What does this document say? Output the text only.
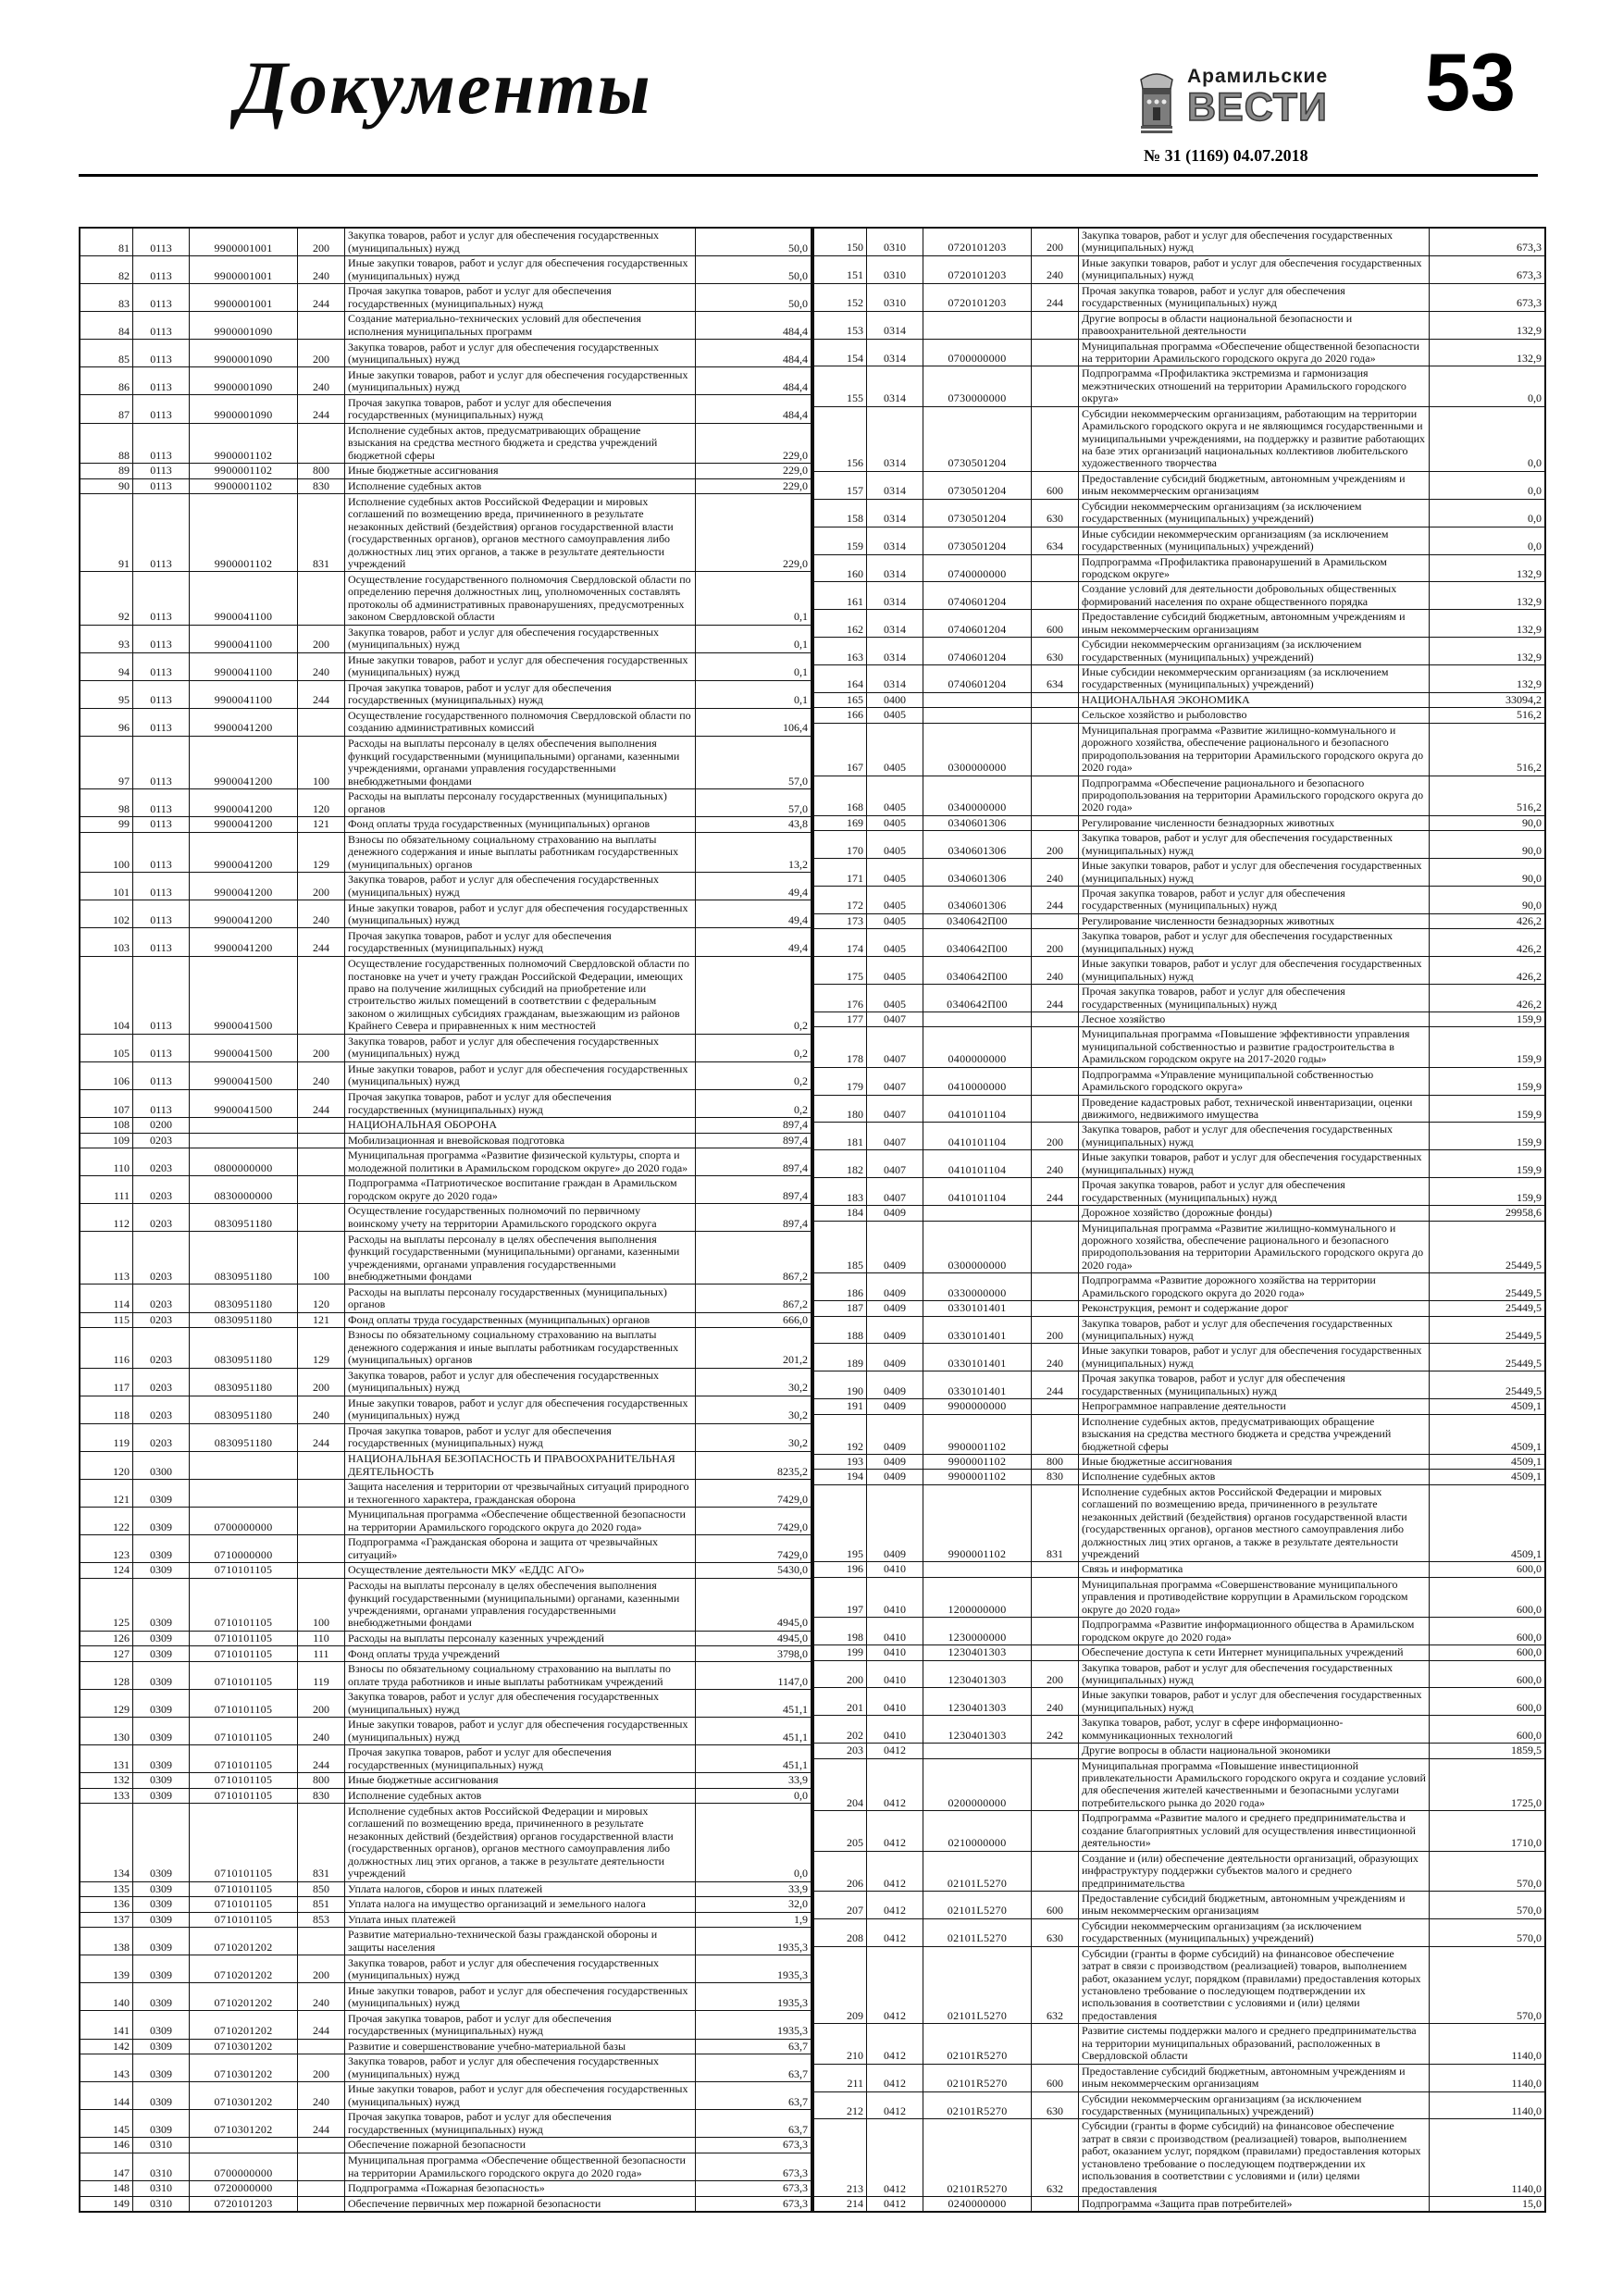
Документы	Арамильские
ВЕСТИ 53
№ 31 (1169) 04.07.2018
81	0113	9900001001	200	Закупка товаров, работ и услуг для обеспечения государственных (муниципальных) нужд	50,0
82	0113	9900001001	240	Иные закупки товаров, работ и услуг для обеспечения государственных (муниципальных) нужд	50,0
83	0113	9900001001	244	Прочая закупка товаров, работ и услуг для обеспечения государственных (муниципальных) нужд	50,0
84	0113	9900001090		Создание материально-технических условий для обеспечения исполнения муниципальных программ	484,4
85	0113	9900001090	200	Закупка товаров, работ и услуг для обеспечения государственных (муниципальных) нужд	484,4
86	0113	9900001090	240	Иные закупки товаров, работ и услуг для обеспечения государственных (муниципальных) нужд	484,4
87	0113	9900001090	244	Прочая закупка товаров, работ и услуг для обеспечения государственных (муниципальных) нужд	484,4
88	0113	9900001102		Исполнение судебных актов, предусматривающих обращение взыскания на средства местного бюджета и средства учреждений бюджетной сферы	229,0
89	0113	9900001102	800	Иные бюджетные ассигнования	229,0
90	0113	9900001102	830	Исполнение судебных актов	229,0
91	0113	9900001102	831	Исполнение судебных актов Российской Федерации и мировых соглашений по возмещению вреда, причиненного в результате незаконных действий (бездействия) органов государственной власти (государственных органов), органов местного самоуправления либо должностных лиц этих органов, а также в результате деятельности учреждений	229,0
92	0113	9900041100		Осуществление государственного полномочия Свердловской области по определению перечня должностных лиц, уполномоченных составлять протоколы об административных правонарушениях, предусмотренных законом Свердловской области	0,1
93	0113	9900041100	200	Закупка товаров, работ и услуг для обеспечения государственных (муниципальных) нужд	0,1
94	0113	9900041100	240	Иные закупки товаров, работ и услуг для обеспечения государственных (муниципальных) нужд	0,1
95	0113	9900041100	244	Прочая закупка товаров, работ и услуг для обеспечения государственных (муниципальных) нужд	0,1
96	0113	9900041200		Осуществление государственного полномочия Свердловской области по созданию административных комиссий	106,4
97	0113	9900041200	100	Расходы на выплаты персоналу в целях обеспечения выполнения функций государственными (муниципальными) органами, казенными учреждениями, органами управления государственными внебюджетными фондами	57,0
98	0113	9900041200	120	Расходы на выплаты персоналу государственных (муниципальных) органов	57,0
99	0113	9900041200	121	Фонд оплаты труда государственных (муниципальных) органов	43,8
100	0113	9900041200	129	Взносы по обязательному социальному страхованию на выплаты денежного содержания и иные выплаты работникам государственных (муниципальных) органов	13,2
101	0113	9900041200	200	Закупка товаров, работ и услуг для обеспечения государственных (муниципальных) нужд	49,4
102	0113	9900041200	240	Иные закупки товаров, работ и услуг для обеспечения государственных (муниципальных) нужд	49,4
103	0113	9900041200	244	Прочая закупка товаров, работ и услуг для обеспечения государственных (муниципальных) нужд	49,4
104	0113	9900041500		Осуществление государственных полномочий Свердловской области по постановке на учет и учету граждан Российской Федерации, имеющих право на получение жилищных субсидий на приобретение или строительство жилых помещений в соответствии с федеральным законом о жилищных субсидиях гражданам, выезжающим из районов Крайнего Севера и приравненных к ним местностей	0,2
105	0113	9900041500	200	Закупка товаров, работ и услуг для обеспечения государственных (муниципальных) нужд	0,2
106	0113	9900041500	240	Иные закупки товаров, работ и услуг для обеспечения государственных (муниципальных) нужд	0,2
107	0113	9900041500	244	Прочая закупка товаров, работ и услуг для обеспечения государственных (муниципальных) нужд	0,2
108	0200			НАЦИОНАЛЬНАЯ ОБОРОНА	897,4
109	0203			Мобилизационная и вневойсковая подготовка	897,4
110	0203	0800000000		Муниципальная программа «Развитие физической культуры, спорта и молодежной политики в Арамильском городском округе» до 2020 года»	897,4
111	0203	0830000000		Подпрограмма «Патриотическое воспитание граждан в Арамильском городском округе до 2020 года»	897,4
112	0203	0830951180		Осуществление государственных полномочий по первичному воинскому учету на территории Арамильского городского округа	897,4
113	0203	0830951180	100	Расходы на выплаты персоналу в целях обеспечения выполнения функций государственными (муниципальными) органами, казенными учреждениями, органами управления государственными внебюджетными фондами	867,2
114	0203	0830951180	120	Расходы на выплаты персоналу государственных (муниципальных) органов	867,2
115	0203	0830951180	121	Фонд оплаты труда государственных (муниципальных) органов	666,0
116	0203	0830951180	129	Взносы по обязательному социальному страхованию на выплаты денежного содержания и иные выплаты работникам государственных (муниципальных) органов	201,2
117	0203	0830951180	200	Закупка товаров, работ и услуг для обеспечения государственных (муниципальных) нужд	30,2
118	0203	0830951180	240	Иные закупки товаров, работ и услуг для обеспечения государственных (муниципальных) нужд	30,2
119	0203	0830951180	244	Прочая закупка товаров, работ и услуг для обеспечения государственных (муниципальных) нужд	30,2
120	0300			НАЦИОНАЛЬНАЯ БЕЗОПАСНОСТЬ И ПРАВООХРАНИТЕЛЬНАЯ ДЕЯТЕЛЬНОСТЬ	8235,2
121	0309			Защита населения и территории от чрезвычайных ситуаций природного и техногенного характера, гражданская оборона	7429,0
122	0309	0700000000		Муниципальная программа «Обеспечение общественной безопасности на территории Арамильского городского округа до 2020 года»	7429,0
123	0309	0710000000		Подпрограмма «Гражданская оборона и защита от чрезвычайных ситуаций»	7429,0
124	0309	0710101105		Осуществление деятельности МКУ «ЕДДС АГО»	5430,0
125	0309	0710101105	100	Расходы на выплаты персоналу в целях обеспечения выполнения функций государственными (муниципальными) органами, казенными учреждениями, органами управления государственными внебюджетными фондами	4945,0
126	0309	0710101105	110	Расходы на выплаты персоналу казенных учреждений	4945,0
127	0309	0710101105	111	Фонд оплаты труда учреждений	3798,0
128	0309	0710101105	119	Взносы по обязательному социальному страхованию на выплаты по оплате труда работников и иные выплаты работникам учреждений	1147,0
129	0309	0710101105	200	Закупка товаров, работ и услуг для обеспечения государственных (муниципальных) нужд	451,1
130	0309	0710101105	240	Иные закупки товаров, работ и услуг для обеспечения государственных (муниципальных) нужд	451,1
131	0309	0710101105	244	Прочая закупка товаров, работ и услуг для обеспечения государственных (муниципальных) нужд	451,1
132	0309	0710101105	800	Иные бюджетные ассигнования	33,9
133	0309	0710101105	830	Исполнение судебных актов	0,0
134	0309	0710101105	831	Исполнение судебных актов Российской Федерации и мировых соглашений по возмещению вреда, причиненного в результате незаконных действий (бездействия) органов государственной власти (государственных органов), органов местного самоуправления либо должностных лиц этих органов, а также в результате деятельности учреждений	0,0
135	0309	0710101105	850	Уплата налогов, сборов и иных платежей	33,9
136	0309	0710101105	851	Уплата налога на имущество организаций и земельного налога	32,0
137	0309	0710101105	853	Уплата иных платежей	1,9
138	0309	0710201202		Развитие материально-технической базы гражданской обороны и защиты населения	1935,3
139	0309	0710201202	200	Закупка товаров, работ и услуг для обеспечения государственных (муниципальных) нужд	1935,3
140	0309	0710201202	240	Иные закупки товаров, работ и услуг для обеспечения государственных (муниципальных) нужд	1935,3
141	0309	0710201202	244	Прочая закупка товаров, работ и услуг для обеспечения государственных (муниципальных) нужд	1935,3
142	0309	0710301202		Развитие и совершенствование учебно-материальной базы	63,7
143	0309	0710301202	200	Закупка товаров, работ и услуг для обеспечения государственных (муниципальных) нужд	63,7
144	0309	0710301202	240	Иные закупки товаров, работ и услуг для обеспечения государственных (муниципальных) нужд	63,7
145	0309	0710301202	244	Прочая закупка товаров, работ и услуг для обеспечения государственных (муниципальных) нужд	63,7
146	0310			Обеспечение пожарной безопасности	673,3
147	0310	0700000000		Муниципальная программа «Обеспечение общественной безопасности на территории Арамильского городского округа до 2020 года»	673,3
148	0310	0720000000		Подпрограмма «Пожарная безопасность»	673,3
149	0310	0720101203		Обеспечение первичных мер пожарной безопасности	673,3
150	0310	0720101203	200	Закупка товаров, работ и услуг для обеспечения государственных (муниципальных) нужд	673,3
151	0310	0720101203	240	Иные закупки товаров, работ и услуг для обеспечения государственных (муниципальных) нужд	673,3
152	0310	0720101203	244	Прочая закупка товаров, работ и услуг для обеспечения государственных (муниципальных) нужд	673,3
153	0314			Другие вопросы в области национальной безопасности и правоохранительной деятельности	132,9
154	0314	0700000000		Муниципальная программа «Обеспечение общественной безопасности на территории Арамильского городского округа до 2020 года»	132,9
155	0314	0730000000		Подпрограмма «Профилактика экстремизма и гармонизация межэтнических отношений на территории Арамильского городского округа»	0,0
156	0314	0730501204		Субсидии некоммерческим организациям, работающим на территории Арамильского городского округа и не являющимся государственными и муниципальными учреждениями, на поддержку и развитие работающих на базе этих организаций национальных коллективов любительского художественного творчества	0,0
157	0314	0730501204	600	Предоставление субсидий бюджетным, автономным учреждениям и иным некоммерческим организациям	0,0
158	0314	0730501204	630	Субсидии некоммерческим организациям (за исключением государственных (муниципальных) учреждений)	0,0
159	0314	0730501204	634	Иные субсидии некоммерческим организациям (за исключением государственных (муниципальных) учреждений)	0,0
160	0314	0740000000		Подпрограмма «Профилактика правонарушений в Арамильском городском округе»	132,9
161	0314	0740601204		Создание условий для деятельности добровольных общественных формирований населения по охране общественного порядка	132,9
162	0314	0740601204	600	Предоставление субсидий бюджетным, автономным учреждениям и иным некоммерческим организациям	132,9
163	0314	0740601204	630	Субсидии некоммерческим организациям (за исключением государственных (муниципальных) учреждений)	132,9
164	0314	0740601204	634	Иные субсидии некоммерческим организациям (за исключением государственных (муниципальных) учреждений)	132,9
165	0400			НАЦИОНАЛЬНАЯ ЭКОНОМИКА	33094,2
166	0405			Сельское хозяйство и рыболовство	516,2
167	0405	0300000000		Муниципальная программа «Развитие жилищно-коммунального и дорожного хозяйства, обеспечение рационального и безопасного природопользования на территории Арамильского городского округа до 2020 года»	516,2
168	0405	0340000000		Подпрограмма «Обеспечение рационального и безопасного природопользования на территории Арамильского городского округа до 2020 года»	516,2
169	0405	0340601306		Регулирование численности безнадзорных животных	90,0
170	0405	0340601306	200	Закупка товаров, работ и услуг для обеспечения государственных (муниципальных) нужд	90,0
171	0405	0340601306	240	Иные закупки товаров, работ и услуг для обеспечения государственных (муниципальных) нужд	90,0
172	0405	0340601306	244	Прочая закупка товаров, работ и услуг для обеспечения государственных (муниципальных) нужд	90,0
173	0405	0340642П00		Регулирование численности безнадзорных животных	426,2
174	0405	0340642П00	200	Закупка товаров, работ и услуг для обеспечения государственных (муниципальных) нужд	426,2
175	0405	0340642П00	240	Иные закупки товаров, работ и услуг для обеспечения государственных (муниципальных) нужд	426,2
176	0405	0340642П00	244	Прочая закупка товаров, работ и услуг для обеспечения государственных (муниципальных) нужд	426,2
177	0407			Лесное хозяйство	159,9
178	0407	0400000000		Муниципальная программа «Повышение эффективности управления муниципальной собственностью и развитие градостроительства в Арамильском городском округе на 2017-2020 годы»	159,9
179	0407	0410000000		Подпрограмма «Управление муниципальной собственностью Арамильского городского округа»	159,9
180	0407	0410101104		Проведение кадастровых работ, технической инвентаризации, оценки движимого, недвижимого имущества	159,9
181	0407	0410101104	200	Закупка товаров, работ и услуг для обеспечения государственных (муниципальных) нужд	159,9
182	0407	0410101104	240	Иные закупки товаров, работ и услуг для обеспечения государственных (муниципальных) нужд	159,9
183	0407	0410101104	244	Прочая закупка товаров, работ и услуг для обеспечения государственных (муниципальных) нужд	159,9
184	0409			Дорожное хозяйство (дорожные фонды)	29958,6
185	0409	0300000000		Муниципальная программа «Развитие жилищно-коммунального и дорожного хозяйства, обеспечение рационального и безопасного природопользования на территории Арамильского городского округа до 2020 года»	25449,5
186	0409	0330000000		Подпрограмма «Развитие дорожного хозяйства на территории Арамильского городского округа до 2020 года»	25449,5
187	0409	0330101401		Реконструкция, ремонт и содержание дорог	25449,5
188	0409	0330101401	200	Закупка товаров, работ и услуг для обеспечения государственных (муниципальных) нужд	25449,5
189	0409	0330101401	240	Иные закупки товаров, работ и услуг для обеспечения государственных (муниципальных) нужд	25449,5
190	0409	0330101401	244	Прочая закупка товаров, работ и услуг для обеспечения государственных (муниципальных) нужд	25449,5
191	0409	9900000000		Непрограммное направление деятельности	4509,1
192	0409	9900001102		Исполнение судебных актов, предусматривающих обращение взыскания на средства местного бюджета и средства учреждений бюджетной сферы	4509,1
193	0409	9900001102	800	Иные бюджетные ассигнования	4509,1
194	0409	9900001102	830	Исполнение судебных актов	4509,1
195	0409	9900001102	831	Исполнение судебных актов Российской Федерации и мировых соглашений по возмещению вреда, причиненного в результате незаконных действий (бездействия) органов государственной власти (государственных органов), органов местного самоуправления либо должностных лиц этих органов, а также в результате деятельности учреждений	4509,1
196	0410			Связь и информатика	600,0
197	0410	1200000000		Муниципальная программа «Совершенствование муниципального управления и противодействие коррупции в Арамильском городском округе до 2020 года»	600,0
198	0410	1230000000		Подпрограмма «Развитие информационного общества в Арамильском городском округе до 2020 года»	600,0
199	0410	1230401303		Обеспечение доступа к сети Интернет муниципальных учреждений	600,0
200	0410	1230401303	200	Закупка товаров, работ и услуг для обеспечения государственных (муниципальных) нужд	600,0
201	0410	1230401303	240	Иные закупки товаров, работ и услуг для обеспечения государственных (муниципальных) нужд	600,0
202	0410	1230401303	242	Закупка товаров, работ, услуг в сфере информационно-коммуникационных технологий	600,0
203	0412			Другие вопросы в области национальной экономики	1859,5
204	0412	0200000000		Муниципальная программа «Повышение инвестиционной привлекательности Арамильского городского округа и создание условий для обеспечения жителей качественными и безопасными услугами потребительского рынка до 2020 года»	1725,0
205	0412	0210000000		Подпрограмма «Развитие малого и среднего предпринимательства и создание благоприятных условий для осуществления инвестиционной деятельности»	1710,0
206	0412	02101L5270		Создание и (или) обеспечение деятельности организаций, образующих инфраструктуру поддержки субъектов малого и среднего предпринимательства	570,0
207	0412	02101L5270	600	Предоставление субсидий бюджетным, автономным учреждениям и иным некоммерческим организациям	570,0
208	0412	02101L5270	630	Субсидии некоммерческим организациям (за исключением государственных (муниципальных) учреждений)	570,0
209	0412	02101L5270	632	Субсидии (гранты в форме субсидий) на финансовое обеспечение затрат в связи с производством (реализацией) товаров, выполнением работ, оказанием услуг, порядком (правилами) предоставления которых установлено требование о последующем подтверждении их использования в соответствии с условиями и (или) целями предоставления	570,0
210	0412	02101R5270		Развитие системы поддержки малого и среднего предпринимательства на территории муниципальных образований, расположенных в Свердловской области	1140,0
211	0412	02101R5270	600	Предоставление субсидий бюджетным, автономным учреждениям и иным некоммерческим организациям	1140,0
212	0412	02101R5270	630	Субсидии некоммерческим организациям (за исключением государственных (муниципальных) учреждений)	1140,0
213	0412	02101R5270	632	Субсидии (гранты в форме субсидий) на финансовое обеспечение затрат в связи с производством (реализацией) товаров, выполнением работ, оказанием услуг, порядком (правилами) предоставления которых установлено требование о последующем подтверждении их использования в соответствии с условиями и (или) целями предоставления	1140,0
214	0412	0240000000		Подпрограмма «Защита прав потребителей»	15,0
